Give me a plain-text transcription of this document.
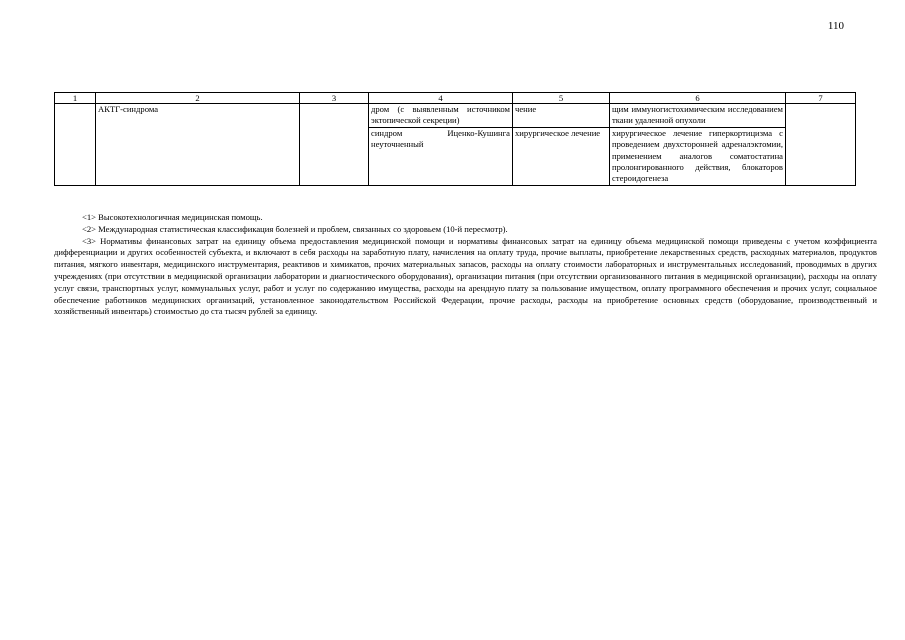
110
1	2	3	4	5	6	7
	АКТГ-синдрома		дром (с выявленным источником эктопической секреции)	чение	щим иммуногистохимическим исследованием ткани удаленной опухоли	
			синдром Иценко-Кушинга неуточненный	хирургическое лечение	хирургическое лечение гиперкортицизма с проведением двухсторонней адреналэктомии, применением аналогов соматостатина пролонгированного действия, блокаторов стероидогенеза	

<1> Высокотехнологичная медицинская помощь.

<2> Международная статистическая классификация болезней и проблем, связанных со здоровьем (10-й пересмотр).

<3> Нормативы финансовых затрат на единицу объема предоставления медицинской помощи и нормативы финансовых затрат на единицу объема медицинской помощи приведены с учетом коэффициента дифференциации и других особенностей субъекта, и включают в себя расходы на заработную плату, начисления на оплату труда, прочие выплаты, приобретение лекарственных средств, расходных материалов, продуктов питания, мягкого инвентаря, медицинского инструментария, реактивов и химикатов, прочих материальных запасов, расходы на оплату стоимости лабораторных и инструментальных исследований, проводимых в других учреждениях (при отсутствии в медицинской организации лаборатории и диагностического оборудования), организации питания (при отсутствии организованного питания в медицинской организации), расходы на оплату услуг связи, транспортных услуг, коммунальных услуг, работ и услуг по содержанию имущества, расходы на арендную плату за пользование имуществом, оплату программного обеспечения и прочих услуг, социальное обеспечение работников медицинских организаций, установленное законодательством Российской Федерации, прочие расходы, расходы на приобретение основных средств (оборудование, производственный и хозяйственный инвентарь) стоимостью до ста тысяч рублей за единицу.
